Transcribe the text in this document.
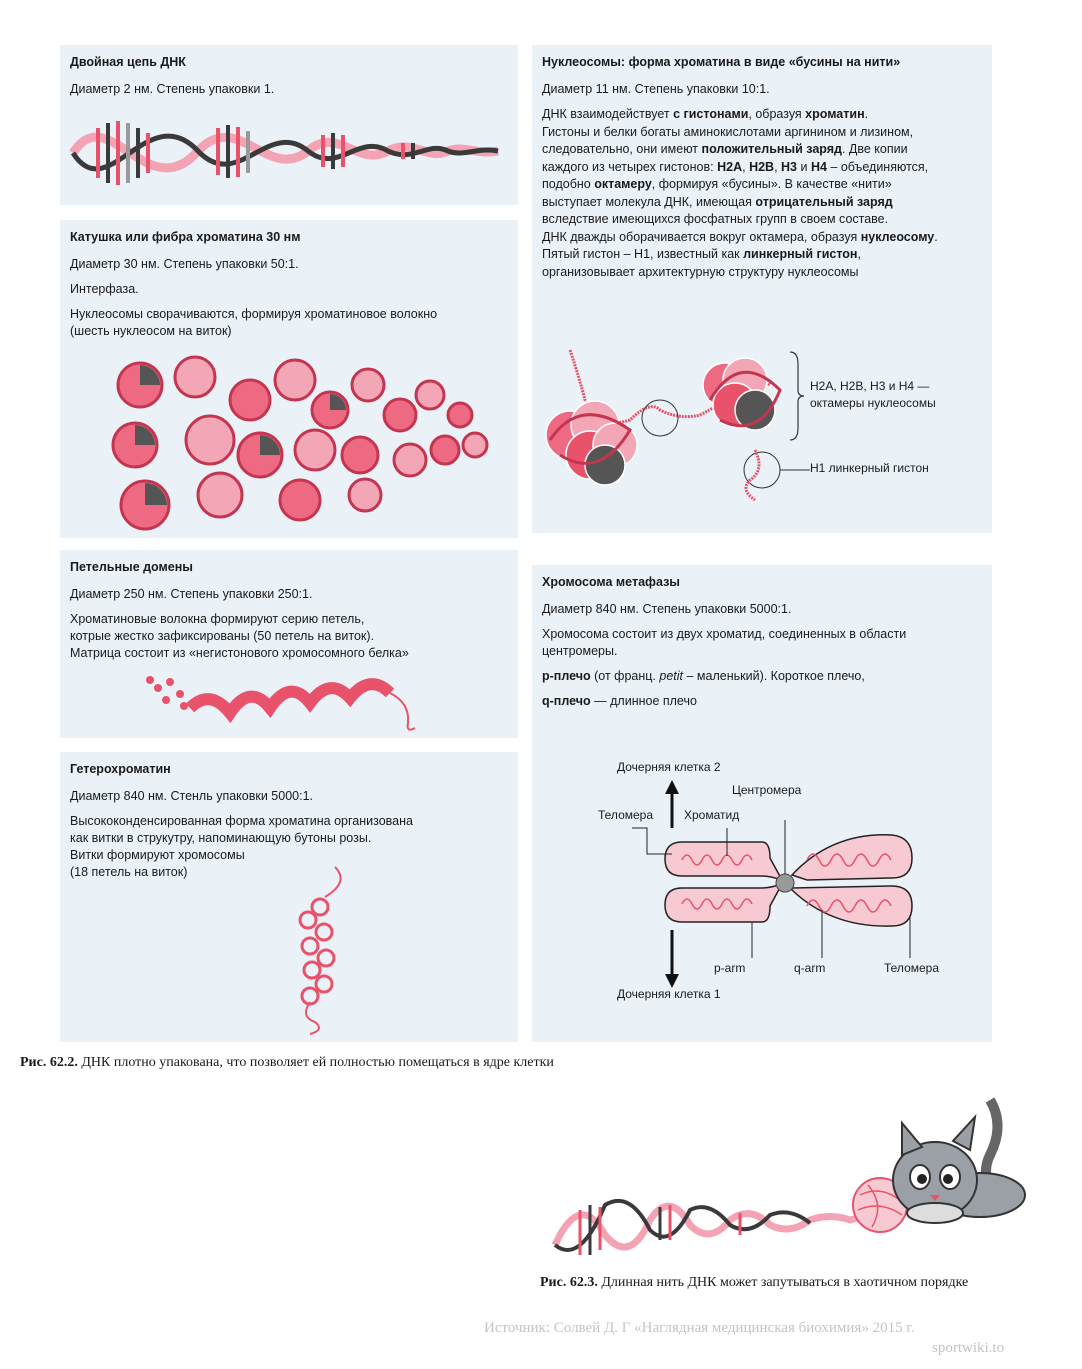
Двойная цепь ДНК

Диаметр 2 нм. Степень упаковки 1.

Катушка или фибра хроматина 30 нм

Диаметр 30 нм. Степень упаковки 50:1.

Интерфаза.

Нуклеосомы сворачиваются, формируя хроматиновое волокно
(шесть нуклеосом на виток)

Петельные домены

Диаметр 250 нм. Степень упаковки 250:1.

Хроматиновые волокна формируют серию петель,
котрые жестко зафиксированы (50 петель на виток).
Матрица состоит из «негистонового хромосомного белка»

Гетерохроматин

Диаметр 840 нм. Стенль упаковки 5000:1.

Высококонденсированная форма хроматина организована
как витки в струкутру, напоминающую бутоны розы.
Витки формируют хромосомы
(18 петель на виток)

Нуклеосомы: форма хроматина в виде «бусины на нити»

Диаметр 11 нм. Степень упаковки 10:1.

ДНК взаимодействует с гистонами, образуя хроматин.
Гистоны и белки богаты аминокислотами аргинином и лизином,
следовательно, они имеют положительный заряд. Две копии
каждого из четырех гистонов: H2A, H2B, H3 и H4 – объединяются,
подобно октамеру, формируя «бусины». В качестве «нити»
выступает молекула ДНК, имеющая отрицательный заряд
вследствие имеющихся фосфатных групп в своем составе.
ДНК дважды оборачивается вокруг октамера, образуя нуклеосому.
Пятый гистон – H1, известный как линкерный гистон,
организовывает архитектурную структуру нуклеосомы

H2A, H2B, H3 и H4 —
октамеры нуклеосомы
H1 линкерный гистон
Хромосома метафазы

Диаметр 840 нм. Степень упаковки 5000:1.

Хромосома состоит из двух хроматид, соединенных в области
центромеры.

p-плечо (от франц. petit – маленький). Короткое плечо,

q-плечо — длинное плечо

Дочерняя клетка 2
Центромера
Теломера	Хроматид
p-arm	q-arm	Теломера
Дочерняя клетка 1
Рис. 62.2. ДНК плотно упакована, что позволяет ей полностью помещаться в ядре клетки
Рис. 62.3. Длинная нить ДНК может запутываться в хаотичном порядке
Источник: Солвей Д. Г «Наглядная медицинская биохимия» 2015 г.
sportwiki.to
